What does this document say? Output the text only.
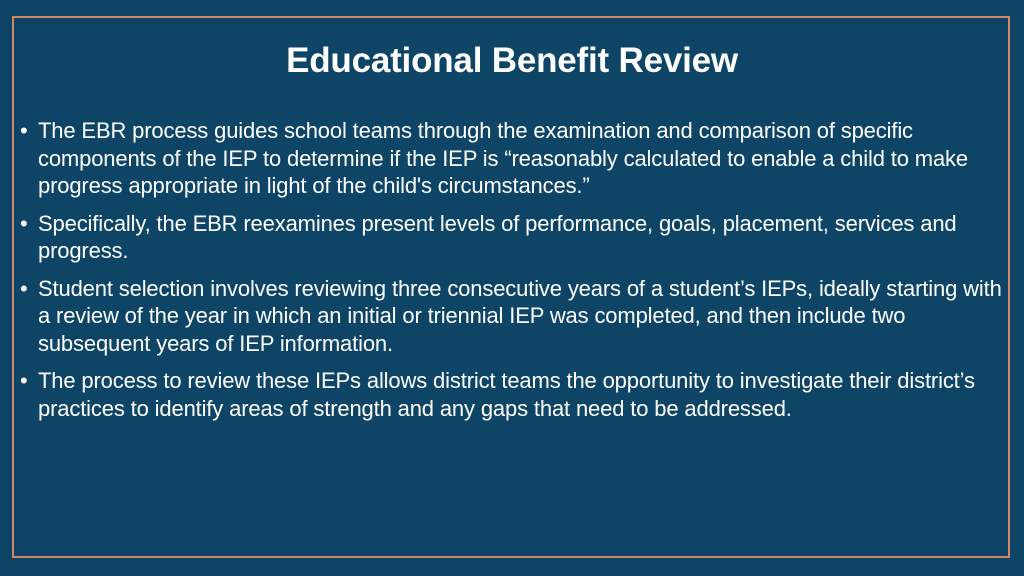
Educational Benefit Review
• The EBR process guides school teams through the examination and comparison of specific components of the IEP to determine if the IEP is “reasonably calculated to enable a child to make progress appropriate in light of the child's circumstances.”
• Specifically, the EBR reexamines present levels of performance, goals, placement, services and progress.
• Student selection involves reviewing three consecutive years of a student’s IEPs, ideally starting with a review of the year in which an initial or triennial IEP was completed, and then include two subsequent years of IEP information.
• The process to review these IEPs allows district teams the opportunity to investigate their district’s practices to identify areas of strength and any gaps that need to be addressed.
